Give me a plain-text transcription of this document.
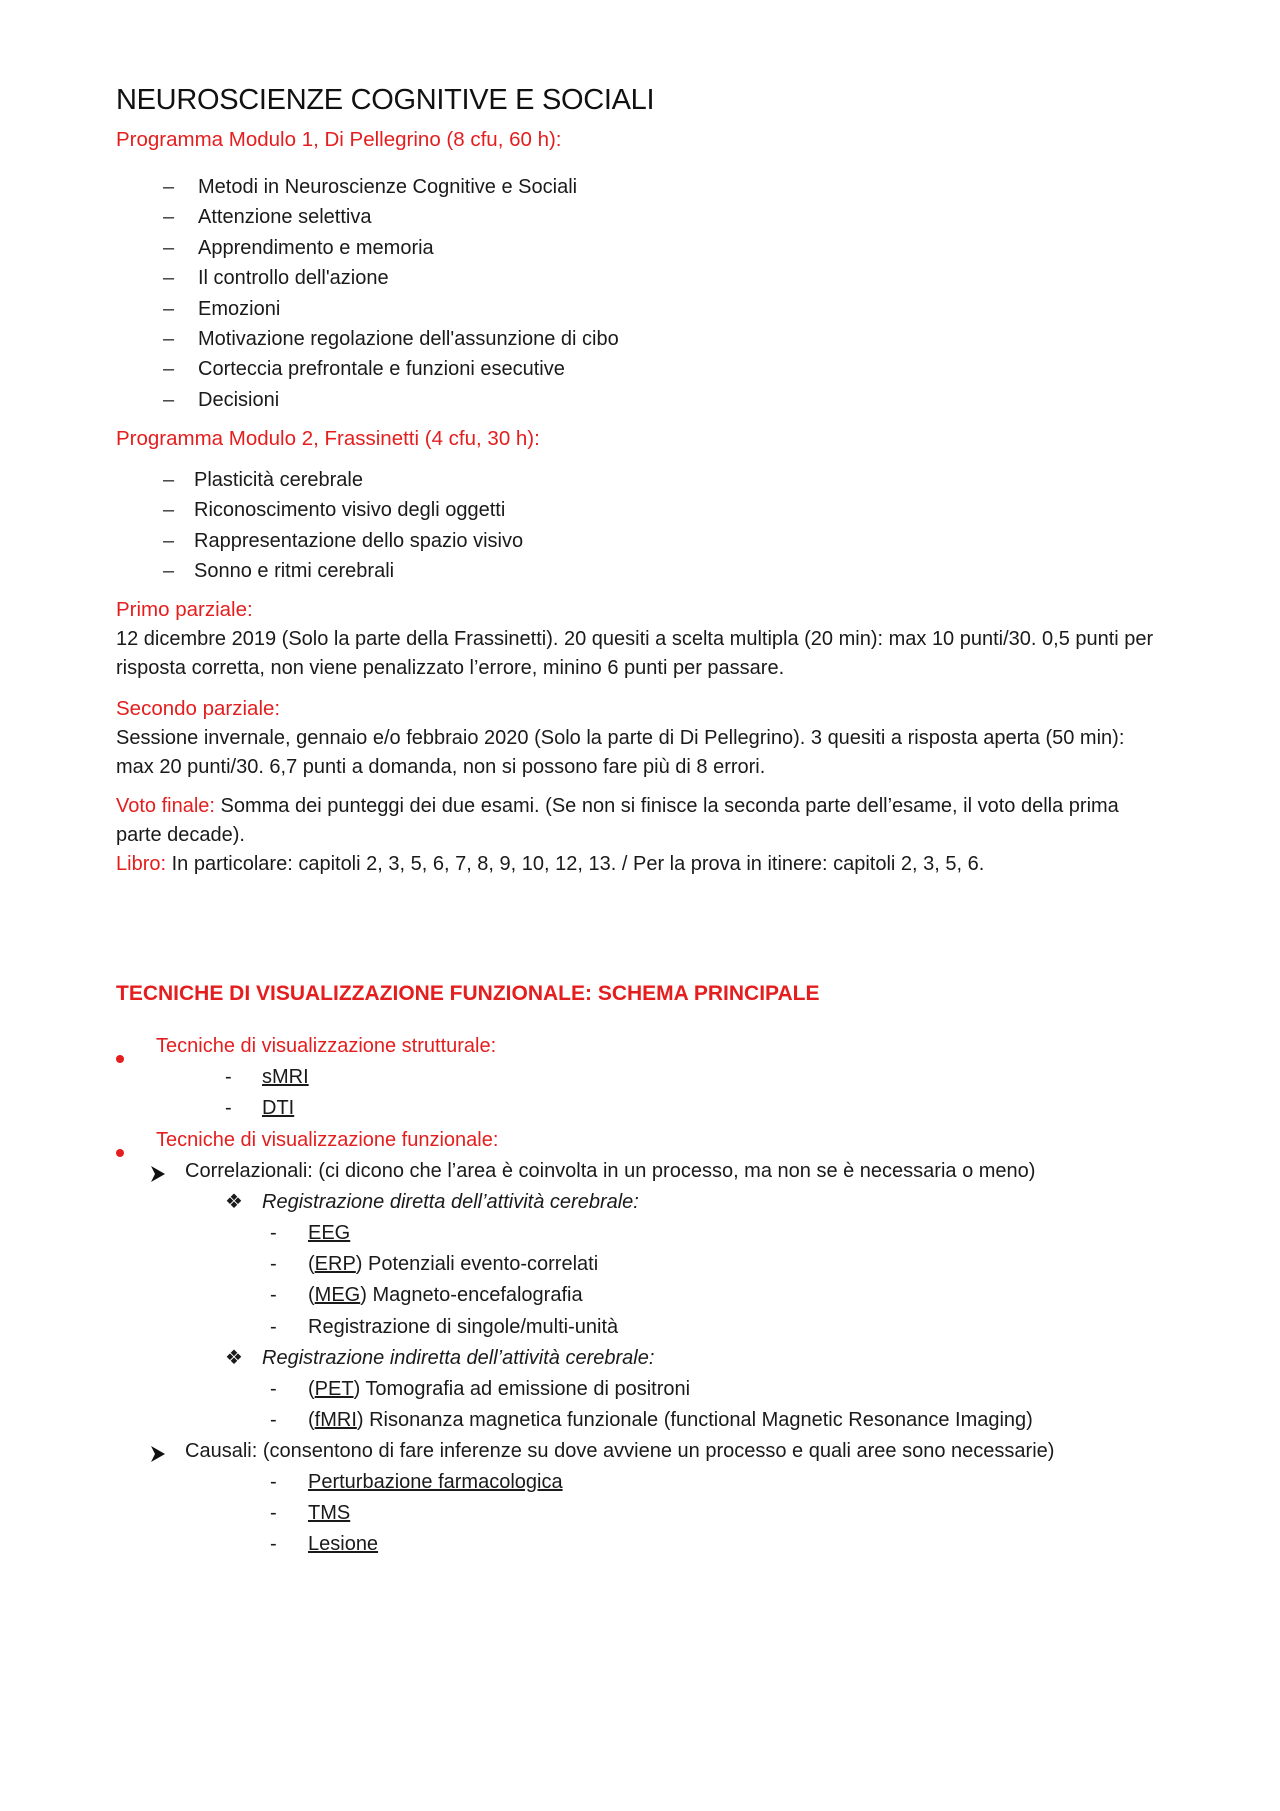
NEUROSCIENZE COGNITIVE E SOCIALI
Programma Modulo 1, Di Pellegrino (8 cfu, 60 h):
– Metodi in Neuroscienze Cognitive e Sociali
– Attenzione selettiva
– Apprendimento e memoria
– Il controllo dell'azione
– Emozioni
– Motivazione regolazione dell'assunzione di cibo
– Corteccia prefrontale e funzioni esecutive
– Decisioni
Programma Modulo 2, Frassinetti (4 cfu, 30 h):
– Plasticità cerebrale
– Riconoscimento visivo degli oggetti
– Rappresentazione dello spazio visivo
– Sonno e ritmi cerebrali
Primo parziale:
12 dicembre 2019 (Solo la parte della Frassinetti). 20 quesiti a scelta multipla (20 min): max 10 punti/30. 0,5 punti per risposta corretta, non viene penalizzato l’errore, minino 6 punti per passare.
Secondo parziale:
Sessione invernale, gennaio e/o febbraio 2020 (Solo la parte di Di Pellegrino). 3 quesiti a risposta aperta (50 min): max 20 punti/30. 6,7 punti a domanda, non si possono fare più di 8 errori.
Voto finale: Somma dei punteggi dei due esami. (Se non si finisce la seconda parte dell’esame, il voto della prima parte decade).
Libro: In particolare: capitoli 2, 3, 5, 6, 7, 8, 9, 10, 12, 13. / Per la prova in itinere: capitoli 2, 3, 5, 6.
TECNICHE DI VISUALIZZAZIONE FUNZIONALE: SCHEMA PRINCIPALE
Tecniche di visualizzazione strutturale:
- sMRI
- DTI
Tecniche di visualizzazione funzionale:
Correlazionali: (ci dicono che l’area è coinvolta in un processo, ma non se è necessaria o meno)
❖ Registrazione diretta dell’attività cerebrale:
- EEG
- (ERP) Potenziali evento-correlati
- (MEG) Magneto-encefalografia
- Registrazione di singole/multi-unità
❖ Registrazione indiretta dell’attività cerebrale:
- (PET) Tomografia ad emissione di positroni
- (fMRI) Risonanza magnetica funzionale (functional Magnetic Resonance Imaging)
Causali: (consentono di fare inferenze su dove avviene un processo e quali aree sono necessarie)
- Perturbazione farmacologica
- TMS
- Lesione
